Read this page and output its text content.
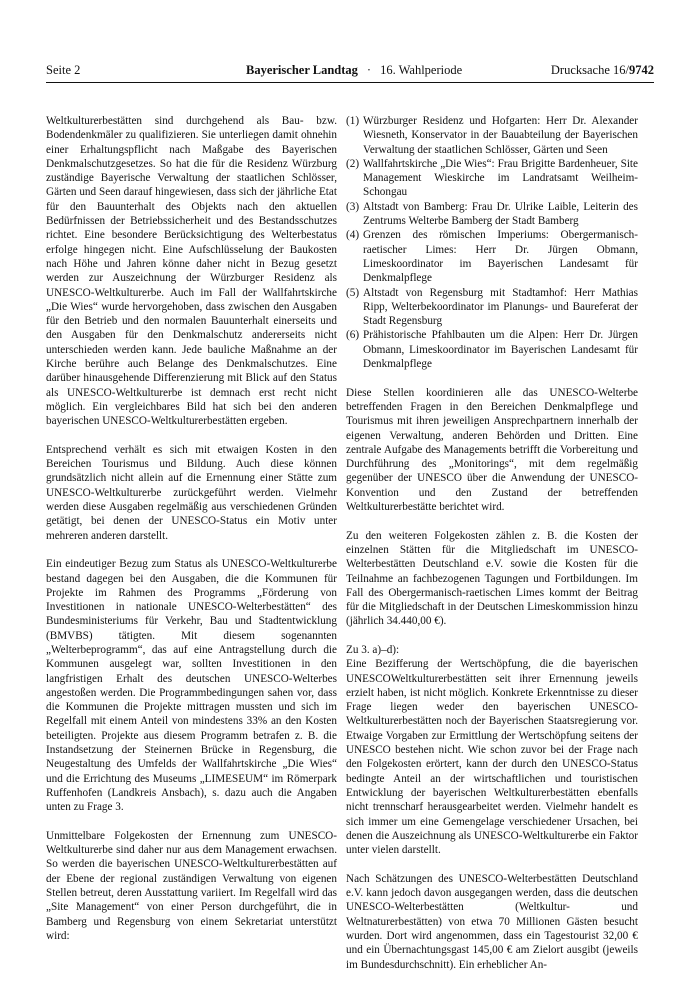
Seite 2	Bayerischer Landtag · 16. Wahlperiode	Drucksache 16/9742

Weltkulturerbestätten sind durchgehend als Bau- bzw. Bodendenkmäler zu qualifizieren. Sie unterliegen damit ohnehin einer Erhaltungspflicht nach Maßgabe des Bayerischen Denkmalschutzgesetzes. So hat die für die Residenz Würzburg zuständige Bayerische Verwaltung der staatlichen Schlösser, Gärten und Seen darauf hingewiesen, dass sich der jährliche Etat für den Bauunterhalt des Objekts nach den aktuellen Bedürfnissen der Betriebssicherheit und des Bestandsschutzes richtet. Eine besondere Berücksichtigung des Welterbestatus erfolge hingegen nicht. Eine Aufschlüsselung der Baukosten nach Höhe und Jahren könne daher nicht in Bezug gesetzt werden zur Auszeichnung der Würzburger Residenz als UNESCO-Weltkulturerbe. Auch im Fall der Wallfahrtskirche „Die Wies“ wurde hervorgehoben, dass zwischen den Ausgaben für den Betrieb und den normalen Bauunterhalt einerseits und den Ausgaben für den Denkmalschutz andererseits nicht unterschieden werden kann. Jede bauliche Maßnahme an der Kirche berühre auch Belange des Denkmalschutzes. Eine darüber hinausgehende Differenzierung mit Blick auf den Status als UNESCO-Weltkulturerbe ist demnach erst recht nicht möglich. Ein vergleichbares Bild hat sich bei den anderen bayerischen UNESCO-Weltkulturerbestätten ergeben.

Entsprechend verhält es sich mit etwaigen Kosten in den Bereichen Tourismus und Bildung. Auch diese können grundsätzlich nicht allein auf die Ernennung einer Stätte zum UNESCO-Weltkulturerbe zurückgeführt werden. Vielmehr werden diese Ausgaben regelmäßig aus verschiedenen Gründen getätigt, bei denen der UNESCO-Status ein Motiv unter mehreren anderen darstellt.

Ein eindeutiger Bezug zum Status als UNESCO-Weltkulturerbe bestand dagegen bei den Ausgaben, die die Kommunen für Projekte im Rahmen des Programms „Förderung von Investitionen in nationale UNESCO-Welterbestätten“ des Bundesministeriums für Verkehr, Bau und Stadtentwicklung (BMVBS) tätigten. Mit diesem sogenannten „Welterbeprogramm“, das auf eine Antragstellung durch die Kommunen ausgelegt war, sollten Investitionen in den langfristigen Erhalt des deutschen UNESCO-Welterbes angestoßen werden. Die Programmbedingungen sahen vor, dass die Kommunen die Projekte mittragen mussten und sich im Regelfall mit einem Anteil von mindestens 33% an den Kosten beteiligten. Projekte aus diesem Programm betrafen z. B. die Instandsetzung der Steinernen Brücke in Regensburg, die Neugestaltung des Umfelds der Wallfahrtskirche „Die Wies“ und die Errichtung des Museums „LIMESEUM“ im Römerpark Ruffenhofen (Landkreis Ansbach), s. dazu auch die Angaben unten zu Frage 3.

Unmittelbare Folgekosten der Ernennung zum UNESCO-Weltkulturerbe sind daher nur aus dem Management erwachsen. So werden die bayerischen UNESCO-Weltkulturerbestätten auf der Ebene der regional zuständigen Verwaltung von eigenen Stellen betreut, deren Ausstattung variiert. Im Regelfall wird das „Site Management“ von einer Person durchgeführt, die in Bamberg und Regensburg von einem Sekretariat unterstützt wird:

(1) Würzburger Residenz und Hofgarten: Herr Dr. Alexander Wiesneth, Konservator in der Bauabteilung der Bayerischen Verwaltung der staatlichen Schlösser, Gärten und Seen
(2) Wallfahrtskirche „Die Wies“: Frau Brigitte Bardenheuer, Site Management Wieskirche im Landratsamt Weilheim-Schongau
(3) Altstadt von Bamberg: Frau Dr. Ulrike Laible, Leiterin des Zentrums Welterbe Bamberg der Stadt Bamberg
(4) Grenzen des römischen Imperiums: Obergermanisch-raetischer Limes: Herr Dr. Jürgen Obmann, Limeskoordinator im Bayerischen Landesamt für Denkmalpflege
(5) Altstadt von Regensburg mit Stadtamhof: Herr Mathias Ripp, Welterbekoordinator im Planungs- und Baureferat der Stadt Regensburg
(6) Prähistorische Pfahlbauten um die Alpen: Herr Dr. Jürgen Obmann, Limeskoordinator im Bayerischen Landesamt für Denkmalpflege

Diese Stellen koordinieren alle das UNESCO-Welterbe betreffenden Fragen in den Bereichen Denkmalpflege und Tourismus mit ihren jeweiligen Ansprechpartnern innerhalb der eigenen Verwaltung, anderen Behörden und Dritten. Eine zentrale Aufgabe des Managements betrifft die Vorbereitung und Durchführung des „Monitorings“, mit dem regelmäßig gegenüber der UNESCO über die Anwendung der UNESCO-Konvention und den Zustand der betreffenden Weltkulturerbestätte berichtet wird.

Zu den weiteren Folgekosten zählen z. B. die Kosten der einzelnen Stätten für die Mitgliedschaft im UNESCO-Welterbestätten Deutschland e.V. sowie die Kosten für die Teilnahme an fachbezogenen Tagungen und Fortbildungen. Im Fall des Obergermanisch-raetischen Limes kommt der Beitrag für die Mitgliedschaft in der Deutschen Limeskommission hinzu (jährlich 34.440,00 €).

Zu 3. a)–d):

Eine Bezifferung der Wertschöpfung, die die bayerischen UNESCOWeltkulturerbestätten seit ihrer Ernennung jeweils erzielt haben, ist nicht möglich. Konkrete Erkenntnisse zu dieser Frage liegen weder den bayerischen UNESCO-Weltkulturerbestätten noch der Bayerischen Staatsregierung vor. Etwaige Vorgaben zur Ermittlung der Wertschöpfung seitens der UNESCO bestehen nicht. Wie schon zuvor bei der Frage nach den Folgekosten erörtert, kann der durch den UNESCO-Status bedingte Anteil an der wirtschaftlichen und touristischen Entwicklung der bayerischen Weltkulturerbestätten ebenfalls nicht trennscharf herausgearbeitet werden. Vielmehr handelt es sich immer um eine Gemengelage verschiedener Ursachen, bei denen die Auszeichnung als UNESCO-Weltkulturerbe ein Faktor unter vielen darstellt.

Nach Schätzungen des UNESCO-Welterbestätten Deutschland e.V. kann jedoch davon ausgegangen werden, dass die deutschen UNESCO-Welterbestätten (Weltkultur- und Weltnaturerbestätten) von etwa 70 Millionen Gästen besucht wurden. Dort wird angenommen, dass ein Tagestourist 32,00 € und ein Übernachtungsgast 145,00 € am Zielort ausgibt (jeweils im Bundesdurchschnitt). Ein erheblicher An-
